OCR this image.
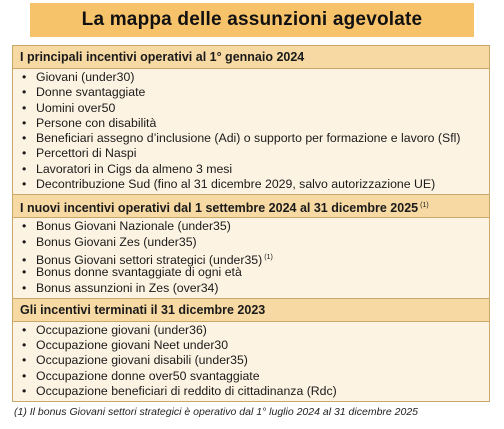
La mappa delle assunzioni agevolate
I principali incentivi operativi al 1° gennaio 2024
• Giovani (under30)
• Donne svantaggiate
• Uomini over50
• Persone con disabilità
• Beneficiari assegno d’inclusione (Adi) o supporto per formazione e lavoro (Sfl)
• Percettori di Naspi
• Lavoratori in Cigs da almeno 3 mesi
• Decontribuzione Sud (fino al 31 dicembre 2029, salvo autorizzazione UE)
I nuovi incentivi operativi dal 1 settembre 2024 al 31 dicembre 2025 $^{(1)}$
• Bonus Giovani Nazionale (under35)
• Bonus Giovani Zes (under35)
• Bonus Giovani settori strategici (under35) $^{(1)}$
• Bonus donne svantaggiate di ogni età
• Bonus assunzioni in Zes (over34)
Gli incentivi terminati il 31 dicembre 2023
• Occupazione giovani (under36)
• Occupazione giovani Neet under30
• Occupazione giovani disabili (under35)
• Occupazione donne over50 svantaggiate
• Occupazione beneficiari di reddito di cittadinanza (Rdc)
(1) Il bonus Giovani settori strategici è operativo dal 1° luglio 2024 al 31 dicembre 2025
